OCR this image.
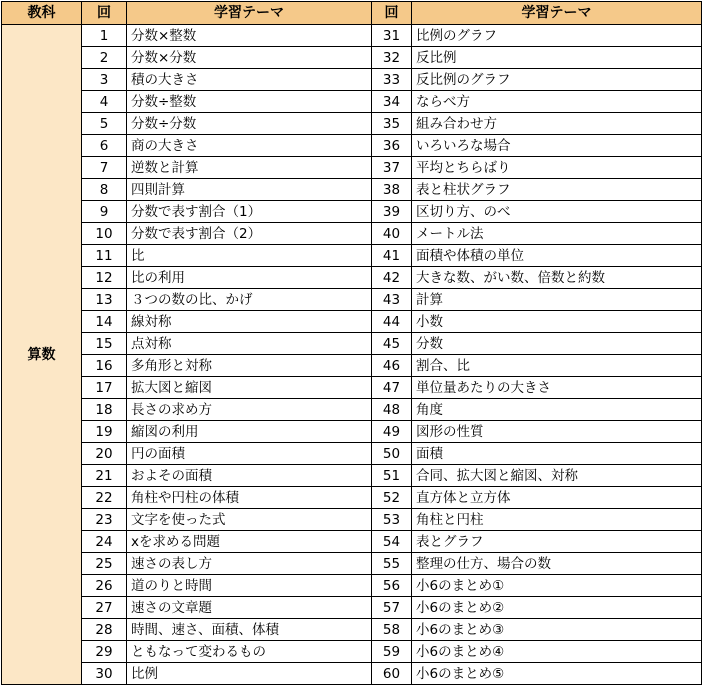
教科	回	学習テーマ	回	学習テーマ
算数	1	分数×整数	31	比例のグラフ
	2	分数×分数	32	反比例
	3	積の大きさ	33	反比例のグラフ
	4	分数÷整数	34	ならべ方
	5	分数÷分数	35	組み合わせ方
	6	商の大きさ	36	いろいろな場合
	7	逆数と計算	37	平均とちらばり
	8	四則計算	38	表と柱状グラフ
	9	分数で表す割合（1）	39	区切り方、のべ
	10	分数で表す割合（2）	40	メートル法
	11	比	41	面積や体積の単位
	12	比の利用	42	大きな数、がい数、倍数と約数
	13	３つの数の比、かげ	43	計算
	14	線対称	44	小数
	15	点対称	45	分数
	16	多角形と対称	46	割合、比
	17	拡大図と縮図	47	単位量あたりの大きさ
	18	長さの求め方	48	角度
	19	縮図の利用	49	図形の性質
	20	円の面積	50	面積
	21	およその面積	51	合同、拡大図と縮図、対称
	22	角柱や円柱の体積	52	直方体と立方体
	23	文字を使った式	53	角柱と円柱
	24	xを求める問題	54	表とグラフ
	25	速さの表し方	55	整理の仕方、場合の数
	26	道のりと時間	56	小6のまとめ①
	27	速さの文章題	57	小6のまとめ②
	28	時間、速さ、面積、体積	58	小6のまとめ③
	29	ともなって変わるもの	59	小6のまとめ④
	30	比例	60	小6のまとめ⑤
